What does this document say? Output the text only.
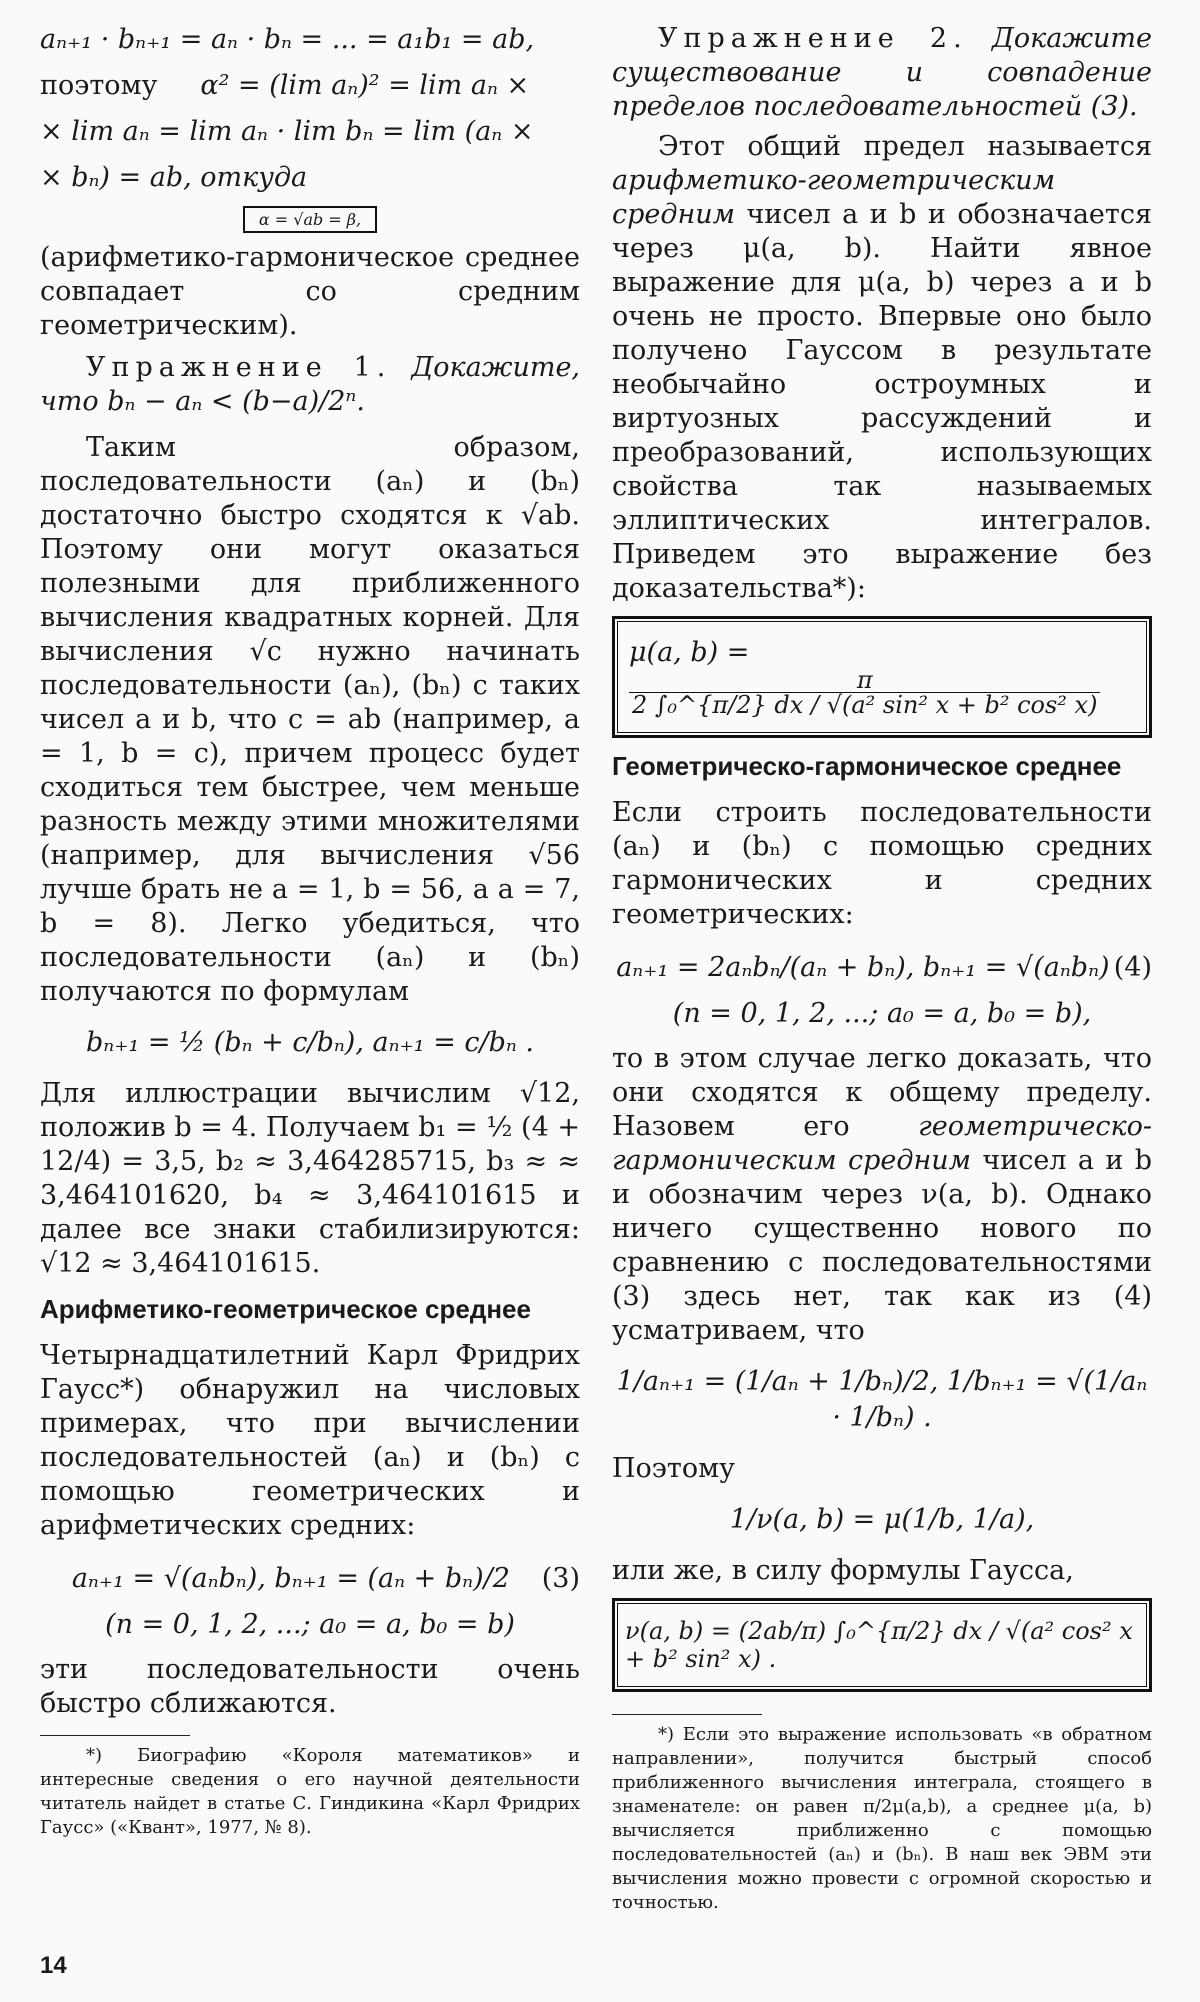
aₙ₊₁ · bₙ₊₁ = aₙ · bₙ = ... = a₁b₁ = ab,
поэтому α² = (lim aₙ)² = lim aₙ ×
× lim aₙ = lim aₙ · lim bₙ = lim (aₙ ×
× bₙ) = ab, откуда
α = √ab = β,

(арифметико-гармоническое среднее совпадает со средним геометрическим).

Упражнение 1. Докажите, что bₙ − aₙ < (b−a)/2ⁿ.

Таким образом, последовательности (aₙ) и (bₙ) достаточно быстро сходятся к √ab. Поэтому они могут оказаться полезными для приближенного вычисления квадратных корней. Для вычисления √c нужно начинать последовательности (aₙ), (bₙ) с таких чисел a и b, что c = ab (например, a = 1, b = c), причем процесс будет сходиться тем быстрее, чем меньше разность между этими множителями (например, для вычисления √56 лучше брать не a = 1, b = 56, а a = 7, b = 8). Легко убедиться, что последовательности (aₙ) и (bₙ) получаются по формулам

bₙ₊₁ = ½ (bₙ + c/bₙ), aₙ₊₁ = c/bₙ .

Для иллюстрации вычислим √12, положив b = 4. Получаем b₁ = ½ (4 + 12/4) = 3,5, b₂ ≈ 3,464285715, b₃ ≈ ≈ 3,464101620, b₄ ≈ 3,464101615 и далее все знаки стабилизируются: √12 ≈ 3,464101615.

Арифметико-геометрическое среднее

Четырнадцатилетний Карл Фридрих Гаусс*) обнаружил на числовых примерах, что при вычислении последовательностей (aₙ) и (bₙ) с помощью геометрических и арифметических средних:

aₙ₊₁ = √(aₙbₙ), bₙ₊₁ = (aₙ + bₙ)/2 (3)
(n = 0, 1, 2, ...; a₀ = a, b₀ = b)

эти последовательности очень быстро сближаются.

*) Биографию «Короля математиков» и интересные сведения о его научной деятельности читатель найдет в статье С. Гиндикина «Карл Фридрих Гаусс» («Квант», 1977, № 8).

Упражнение 2. Докажите существование и совпадение пределов последовательностей (3).

Этот общий предел называется арифметико-геометрическим средним чисел a и b и обозначается через μ(a, b). Найти явное выражение для μ(a, b) через a и b очень не просто. Впервые оно было получено Гауссом в результате необычайно остроумных и виртуозных рассуждений и преобразований, использующих свойства так называемых эллиптических интегралов. Приведем это выражение без доказательства*):

μ(a, b) =
$\frac{\pi}{\text{2 ∫₀\textasciicircum{}\{π/2\} dx / √(a² sin² x + b² cos² x)}}$
Геометрическо-гармоническое среднее

Если строить последовательности (aₙ) и (bₙ) с помощью средних гармонических и средних геометрических:

aₙ₊₁ = 2aₙbₙ/(aₙ + bₙ), bₙ₊₁ = √(aₙbₙ) (4)
(n = 0, 1, 2, ...; a₀ = a, b₀ = b),

то в этом случае легко доказать, что они сходятся к общему пределу. Назовем его геометрическо-гармоническим средним чисел a и b и обозначим через ν(a, b). Однако ничего существенно нового по сравнению с последовательностями (3) здесь нет, так как из (4) усматриваем, что

1/aₙ₊₁ = (1/aₙ + 1/bₙ)/2, 1/bₙ₊₁ = √(1/aₙ · 1/bₙ) .

Поэтому

1/ν(a, b) = μ(1/b, 1/a),

или же, в силу формулы Гаусса,

ν(a, b) = (2ab/π) ∫₀^{π/2} dx / √(a² cos² x + b² sin² x) .

*) Если это выражение использовать «в обратном направлении», получится быстрый способ приближенного вычисления интеграла, стоящего в знаменателе: он равен π/2μ(a,b), а среднее μ(a, b) вычисляется приближенно с помощью последовательностей (aₙ) и (bₙ). В наш век ЭВМ эти вычисления можно провести с огромной скоростью и точностью.

14
